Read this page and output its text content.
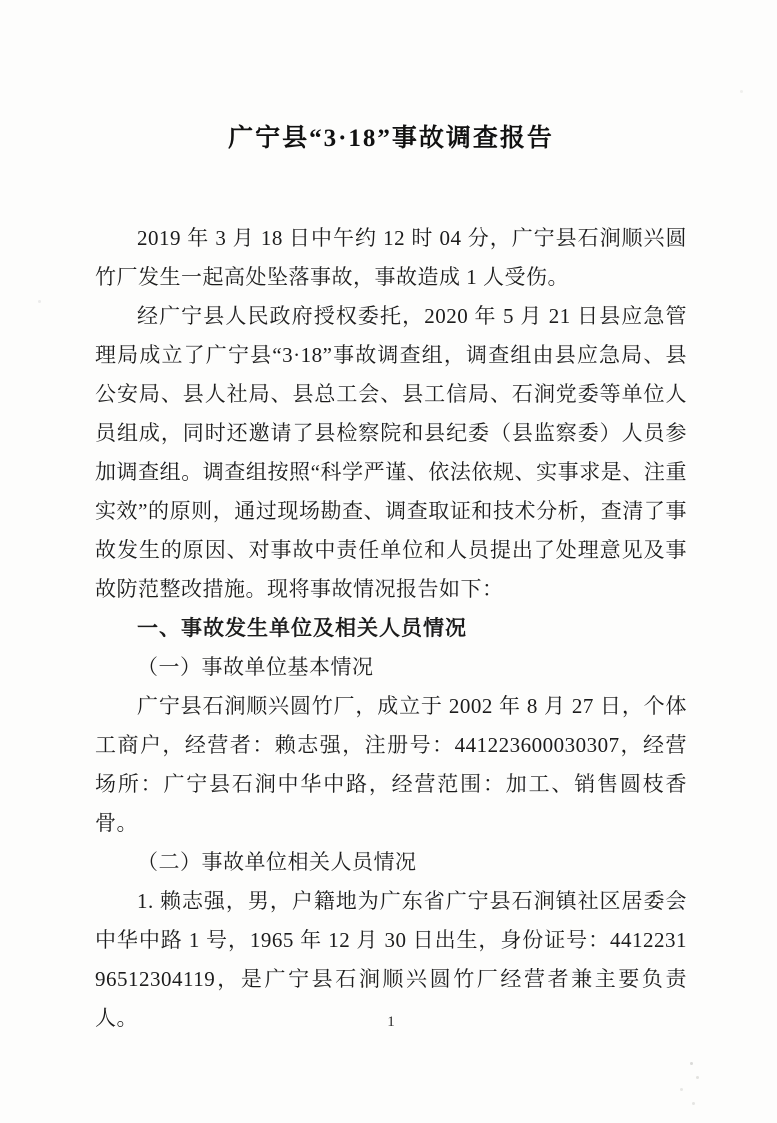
广宁县“3·18”事故调查报告

2019 年 3 月 18 日中午约 12 时 04 分，广宁县石涧顺兴圆竹厂发生一起高处坠落事故，事故造成 1 人受伤。

经广宁县人民政府授权委托，2020 年 5 月 21 日县应急管理局成立了广宁县“3·18”事故调查组，调查组由县应急局、县公安局、县人社局、县总工会、县工信局、石涧党委等单位人员组成，同时还邀请了县检察院和县纪委（县监察委）人员参加调查组。调查组按照“科学严谨、依法依规、实事求是、注重实效”的原则，通过现场勘查、调查取证和技术分析，查清了事故发生的原因、对事故中责任单位和人员提出了处理意见及事故防范整改措施。现将事故情况报告如下：

一、事故发生单位及相关人员情况

（一）事故单位基本情况

广宁县石涧顺兴圆竹厂，成立于 2002 年 8 月 27 日，个体工商户，经营者：赖志强，注册号：441223600030307，经营场所：广宁县石涧中华中路，经营范围：加工、销售圆枝香骨。

（二）事故单位相关人员情况

1. 赖志强，男，户籍地为广东省广宁县石涧镇社区居委会中华中路 1 号，1965 年 12 月 30 日出生，身份证号：441223196512304119，是广宁县石涧顺兴圆竹厂经营者兼主要负责人。	1
